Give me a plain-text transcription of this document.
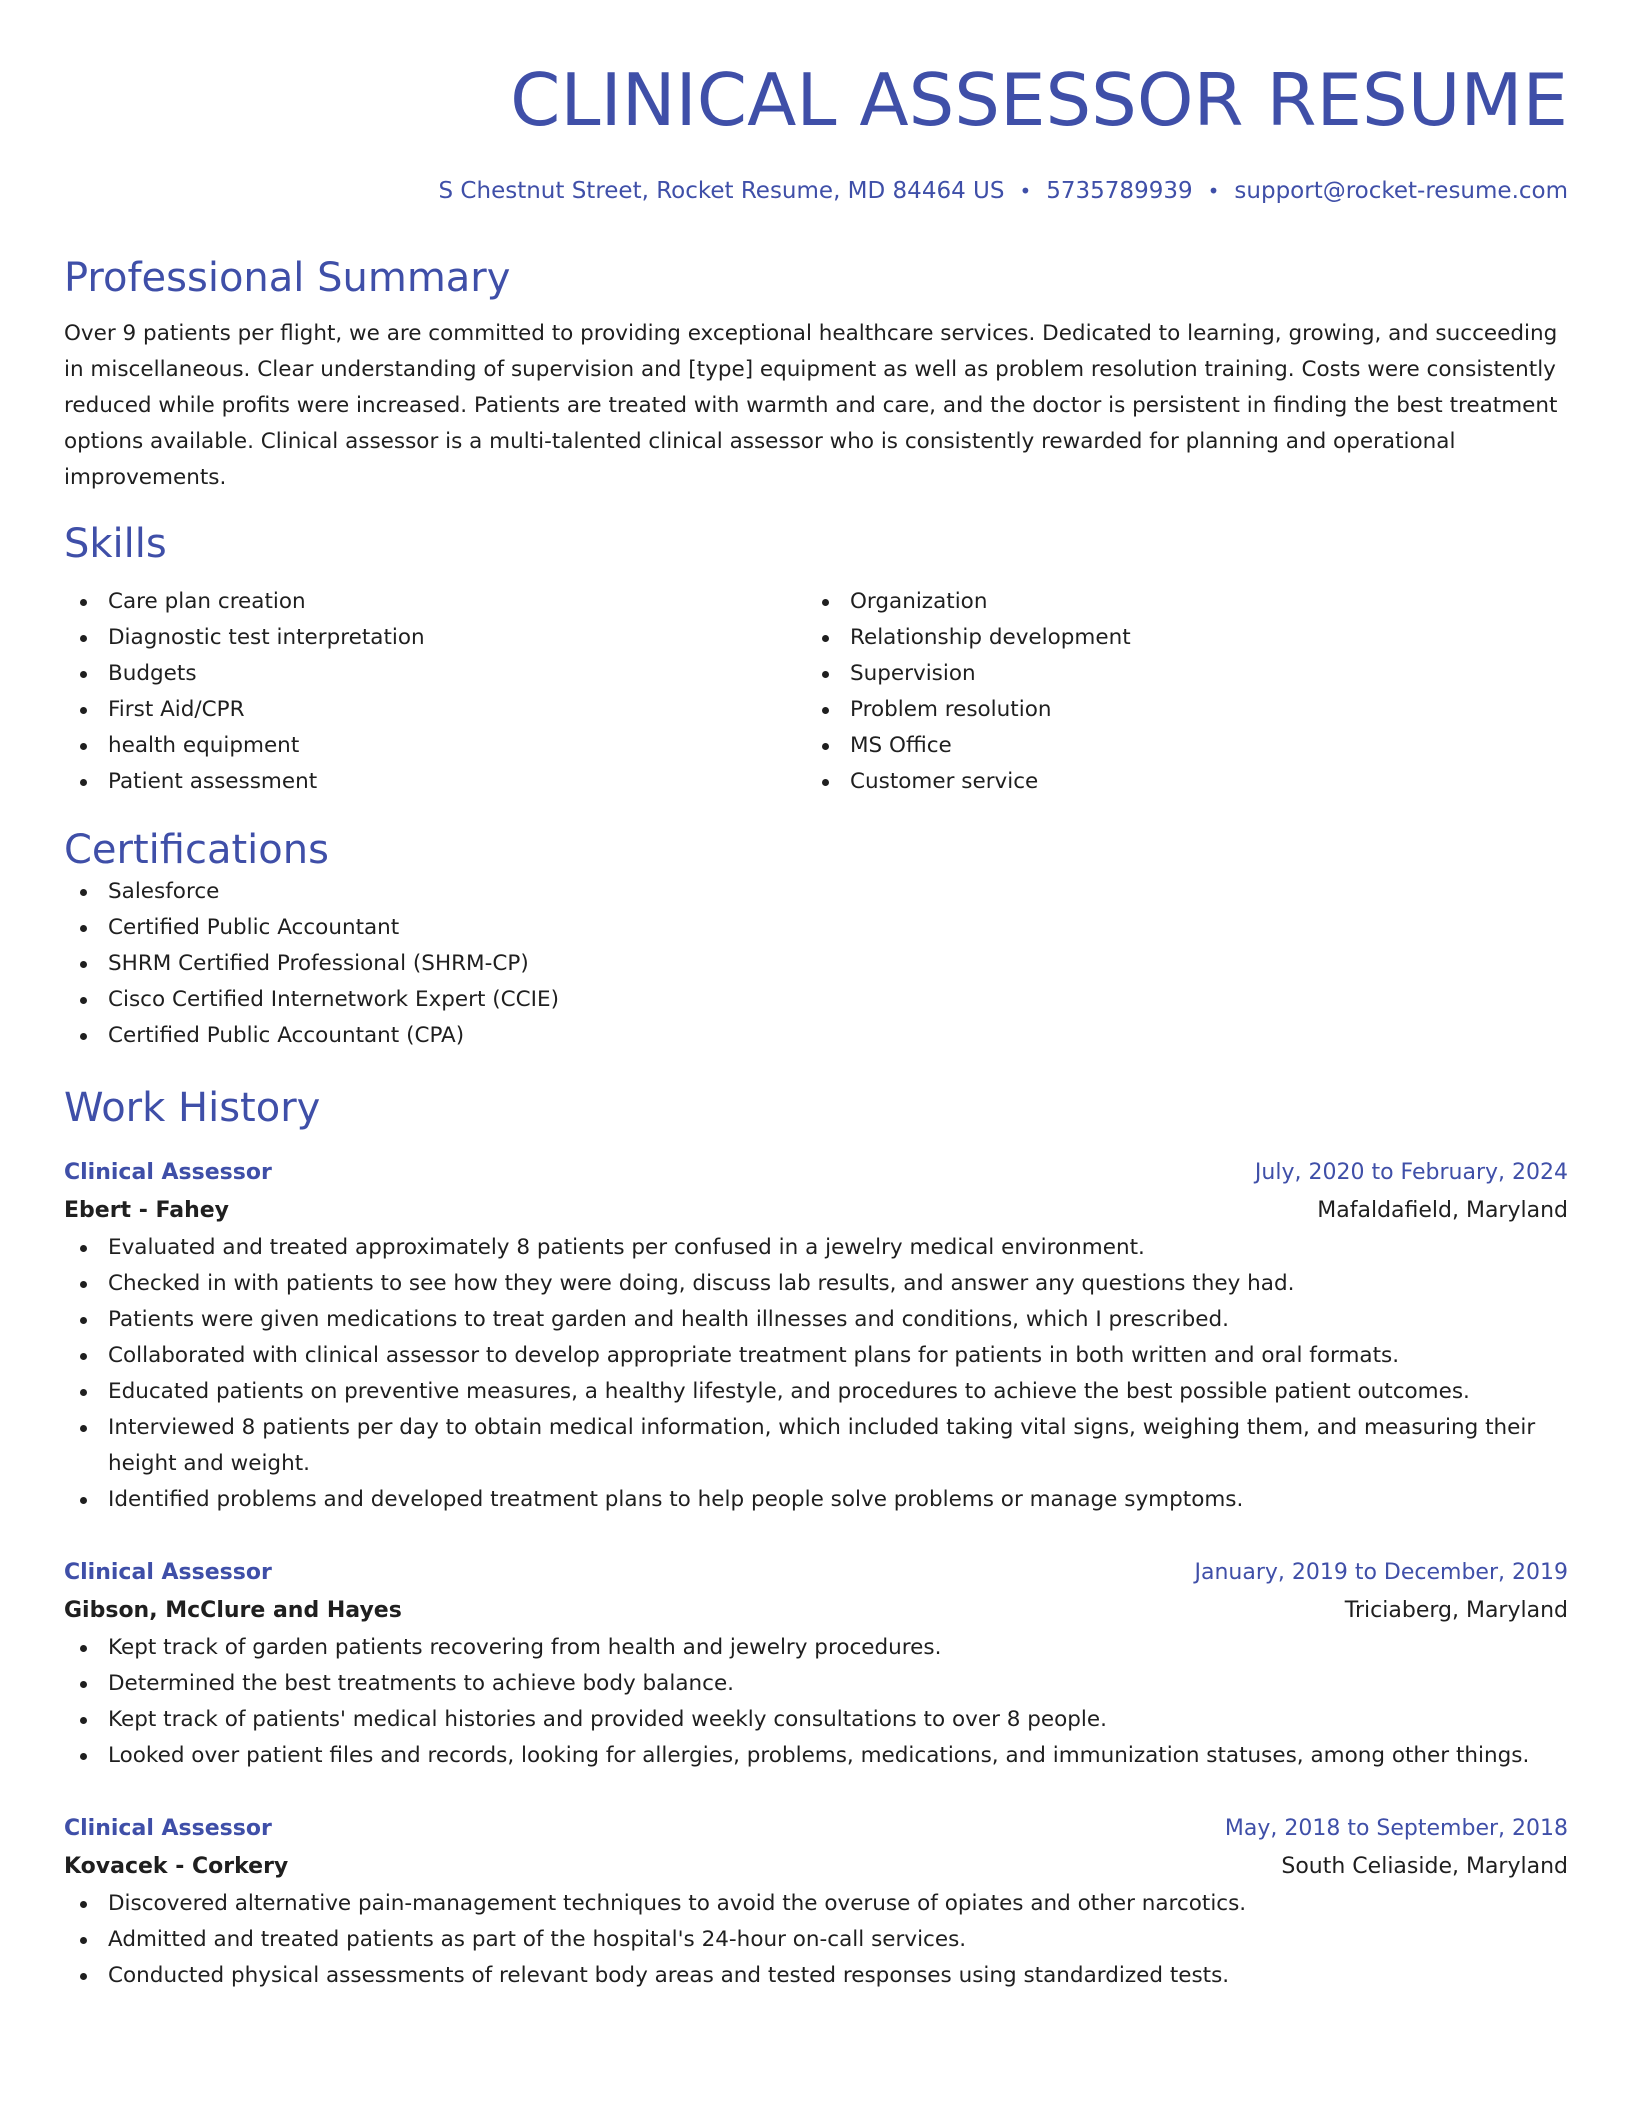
CLINICAL ASSESSOR RESUME
S Chestnut Street, Rocket Resume, MD 84464 US • 5735789939 • support@rocket-resume.com
Professional Summary
Over 9 patients per flight, we are committed to providing exceptional healthcare services. Dedicated to learning, growing, and succeeding in miscellaneous. Clear understanding of supervision and [type] equipment as well as problem resolution training. Costs were consistently reduced while profits were increased. Patients are treated with warmth and care, and the doctor is persistent in finding the best treatment options available. Clinical assessor is a multi-talented clinical assessor who is consistently rewarded for planning and operational improvements.
Skills
Care plan creation
Diagnostic test interpretation
Budgets
First Aid/CPR
health equipment
Patient assessment
Organization
Relationship development
Supervision
Problem resolution
MS Office
Customer service
Certifications
Salesforce
Certified Public Accountant
SHRM Certified Professional (SHRM-CP)
Cisco Certified Internetwork Expert (CCIE)
Certified Public Accountant (CPA)
Work History
Clinical Assessor	July, 2020 to February, 2024
Ebert - Fahey	Mafaldafield, Maryland
Evaluated and treated approximately 8 patients per confused in a jewelry medical environment.
Checked in with patients to see how they were doing, discuss lab results, and answer any questions they had.
Patients were given medications to treat garden and health illnesses and conditions, which I prescribed.
Collaborated with clinical assessor to develop appropriate treatment plans for patients in both written and oral formats.
Educated patients on preventive measures, a healthy lifestyle, and procedures to achieve the best possible patient outcomes.
Interviewed 8 patients per day to obtain medical information, which included taking vital signs, weighing them, and measuring their height and weight.
Identified problems and developed treatment plans to help people solve problems or manage symptoms.
Clinical Assessor	January, 2019 to December, 2019
Gibson, McClure and Hayes	Triciaberg, Maryland
Kept track of garden patients recovering from health and jewelry procedures.
Determined the best treatments to achieve body balance.
Kept track of patients' medical histories and provided weekly consultations to over 8 people.
Looked over patient files and records, looking for allergies, problems, medications, and immunization statuses, among other things.
Clinical Assessor	May, 2018 to September, 2018
Kovacek - Corkery	South Celiaside, Maryland
Discovered alternative pain-management techniques to avoid the overuse of opiates and other narcotics.
Admitted and treated patients as part of the hospital's 24-hour on-call services.
Conducted physical assessments of relevant body areas and tested responses using standardized tests.
